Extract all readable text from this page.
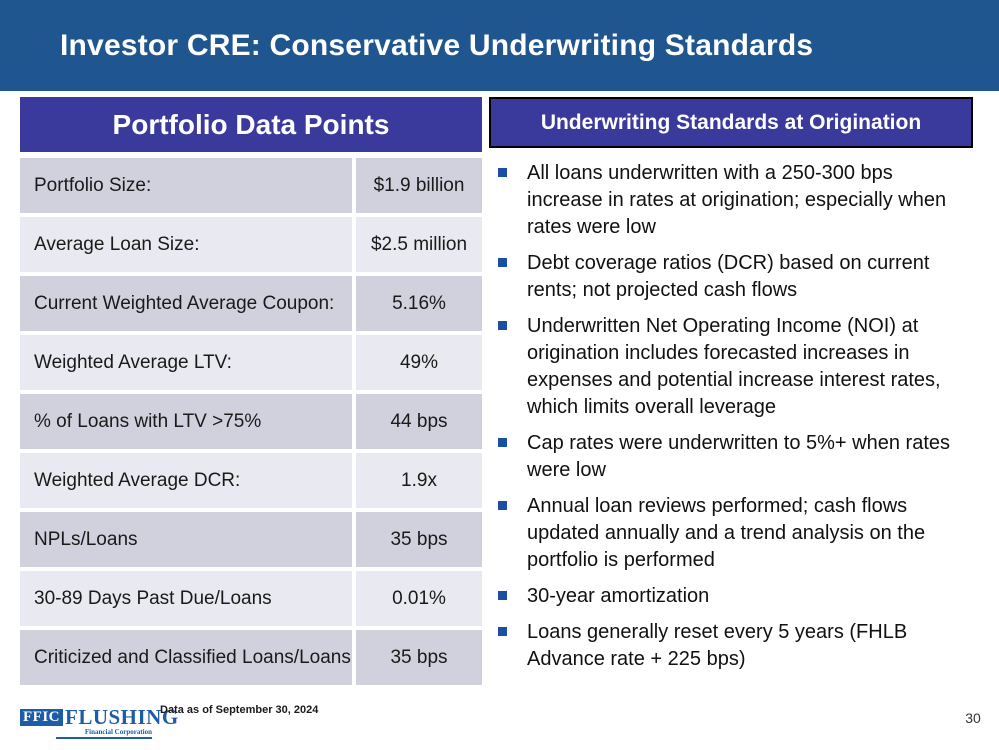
Investor CRE: Conservative Underwriting Standards
Portfolio Data Points
Portfolio Size:	$1.9 billion
Average Loan Size:	$2.5 million
Current Weighted Average Coupon:	5.16%
Weighted Average LTV:	49%
% of Loans with LTV >75%	44 bps
Weighted Average DCR:	1.9x
NPLs/Loans	35 bps
30-89 Days Past Due/Loans	0.01%
Criticized and Classified Loans/Loans	35 bps
Underwriting Standards at Origination
All loans underwritten with a 250-300 bps increase in rates at origination; especially when rates were low
Debt coverage ratios (DCR) based on current rents; not projected cash flows
Underwritten Net Operating Income (NOI) at origination includes forecasted increases in expenses and potential increase interest rates, which limits overall leverage
Cap rates were underwritten to 5%+ when rates were low
Annual loan reviews performed; cash flows updated annually and a trend analysis on the portfolio is performed
30-year amortization
Loans generally reset every 5 years (FHLB Advance rate + 225 bps)
FFIC FLUSHING
Financial Corporation
Data as of September 30, 2024	30
